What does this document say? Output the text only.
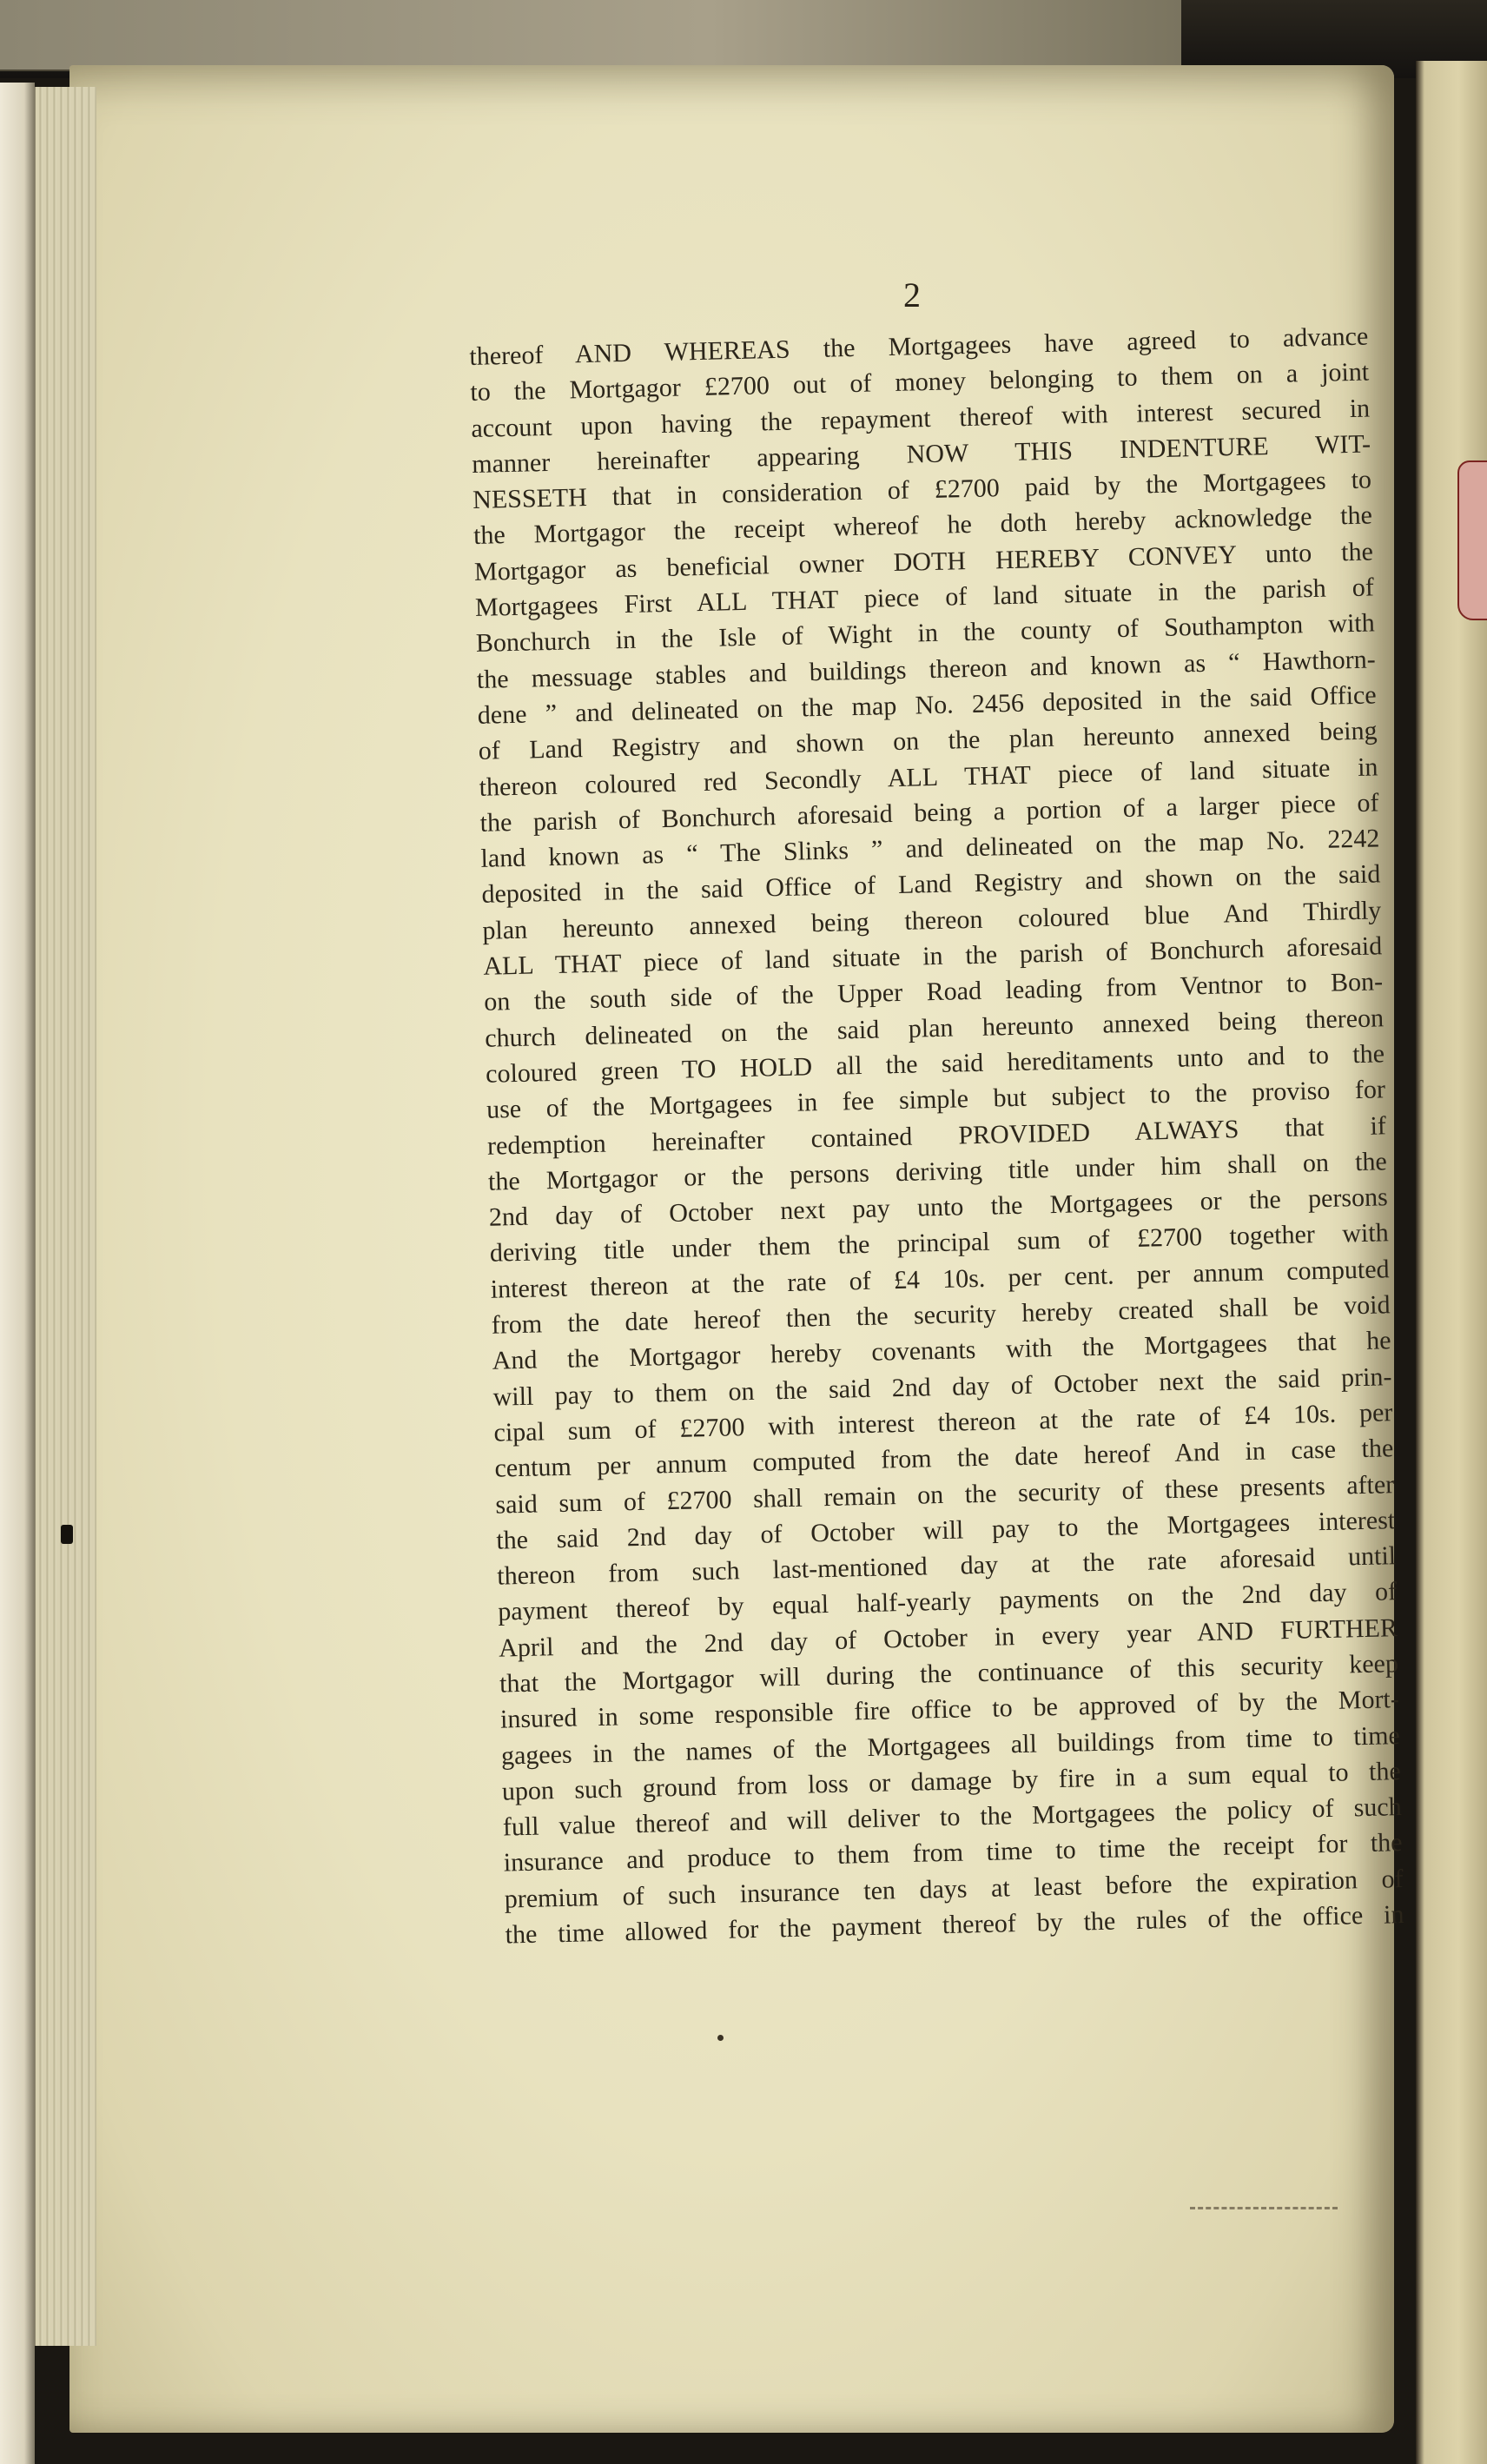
2
thereof AND WHEREAS the Mortgagees have agreed to advance
to the Mortgagor £2700 out of money belonging to them on a joint
account upon having the repayment thereof with interest secured in
manner hereinafter appearing NOW THIS INDENTURE WIT-
NESSETH that in consideration of £2700 paid by the Mortgagees to
the Mortgagor the receipt whereof he doth hereby acknowledge the
Mortgagor as beneficial owner DOTH HEREBY CONVEY unto the
Mortgagees First ALL THAT piece of land situate in the parish of
Bonchurch in the Isle of Wight in the county of Southampton with
the messuage stables and buildings thereon and known as “ Hawthorn-
dene ” and delineated on the map No. 2456 deposited in the said Office
of Land Registry and shown on the plan hereunto annexed being
thereon coloured red Secondly ALL THAT piece of land situate in
the parish of Bonchurch aforesaid being a portion of a larger piece of
land known as “ The Slinks ” and delineated on the map No. 2242
deposited in the said Office of Land Registry and shown on the said
plan hereunto annexed being thereon coloured blue And Thirdly
ALL THAT piece of land situate in the parish of Bonchurch aforesaid
on the south side of the Upper Road leading from Ventnor to Bon-
church delineated on the said plan hereunto annexed being thereon
coloured green TO HOLD all the said hereditaments unto and to the
use of the Mortgagees in fee simple but subject to the proviso for
redemption hereinafter contained PROVIDED ALWAYS that if
the Mortgagor or the persons deriving title under him shall on the
2nd day of October next pay unto the Mortgagees or the persons
deriving title under them the principal sum of £2700 together with
interest thereon at the rate of £4 10s. per cent. per annum computed
from the date hereof then the security hereby created shall be void
And the Mortgagor hereby covenants with the Mortgagees that he
will pay to them on the said 2nd day of October next the said prin-
cipal sum of £2700 with interest thereon at the rate of £4 10s. per
centum per annum computed from the date hereof And in case the
said sum of £2700 shall remain on the security of these presents after
the said 2nd day of October will pay to the Mortgagees interest
thereon from such last-mentioned day at the rate aforesaid until
payment thereof by equal half-yearly payments on the 2nd day of
April and the 2nd day of October in every year AND FURTHER
that the Mortgagor will during the continuance of this security keep
insured in some responsible fire office to be approved of by the Mort-
gagees in the names of the Mortgagees all buildings from time to time
upon such ground from loss or damage by fire in a sum equal to the
full value thereof and will deliver to the Mortgagees the policy of such
insurance and produce to them from time to time the receipt for the
premium of such insurance ten days at least before the expiration of
the time allowed for the payment thereof by the rules of the office in
